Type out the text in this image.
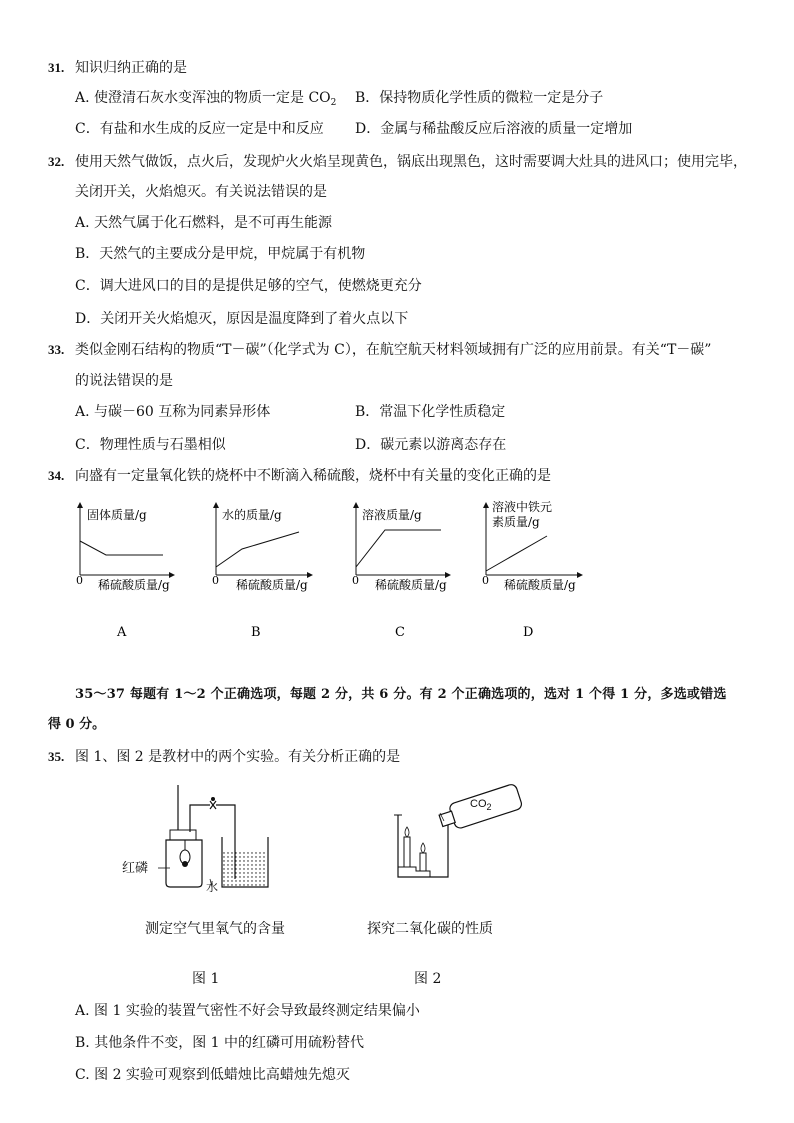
31. 知识归纳正确的是
A. 使澄清石灰水变浑浊的物质一定是 $CO_2$ B．保持物质化学性质的微粒一定是分子
C．有盐和水生成的反应一定是中和反应 D．金属与稀盐酸反应后溶液的质量一定增加
32. 使用天然气做饭，点火后，发现炉火火焰呈现黄色，锅底出现黑色，这时需要调大灶具的进风口；使用完毕，
关闭开关，火焰熄灭。有关说法错误的是
A. 天然气属于化石燃料，是不可再生能源
B．天然气的主要成分是甲烷，甲烷属于有机物
C．调大进风口的目的是提供足够的空气，使燃烧更充分
D．关闭开关火焰熄灭，原因是温度降到了着火点以下
33. 类似金刚石结构的物质“T－碳”（化学式为 C），在航空航天材料领域拥有广泛的应用前景。有关“T－碳”
的说法错误的是
A. 与碳－60 互称为同素异形体	B．常温下化学性质稳定
C．物理性质与石墨相似	D．碳元素以游离态存在
34. 向盛有一定量氧化铁的烧杯中不断滴入稀硫酸，烧杯中有关量的变化正确的是
固体质量/g
0 稀硫酸质量/g
A
水的质量/g
0 稀硫酸质量/g
B
溶液质量/g
0 稀硫酸质量/g
C
溶液中铁元
素质量/g
0 稀硫酸质量/g
D
35～37 每题有 1～2 个正确选项，每题 2 分，共 6 分。有 2 个正确选项的，选对 1 个得 1 分，多选或错选
得 0 分。
35. 图 1、图 2 是教材中的两个实验。有关分析正确的是
红磷
水
测定空气里氧气的含量
图 1
$CO_2$
探究二氧化碳的性质
图 2
A. 图 1 实验的装置气密性不好会导致最终测定结果偏小
B. 其他条件不变，图 1 中的红磷可用硫粉替代
C. 图 2 实验可观察到低蜡烛比高蜡烛先熄灭
